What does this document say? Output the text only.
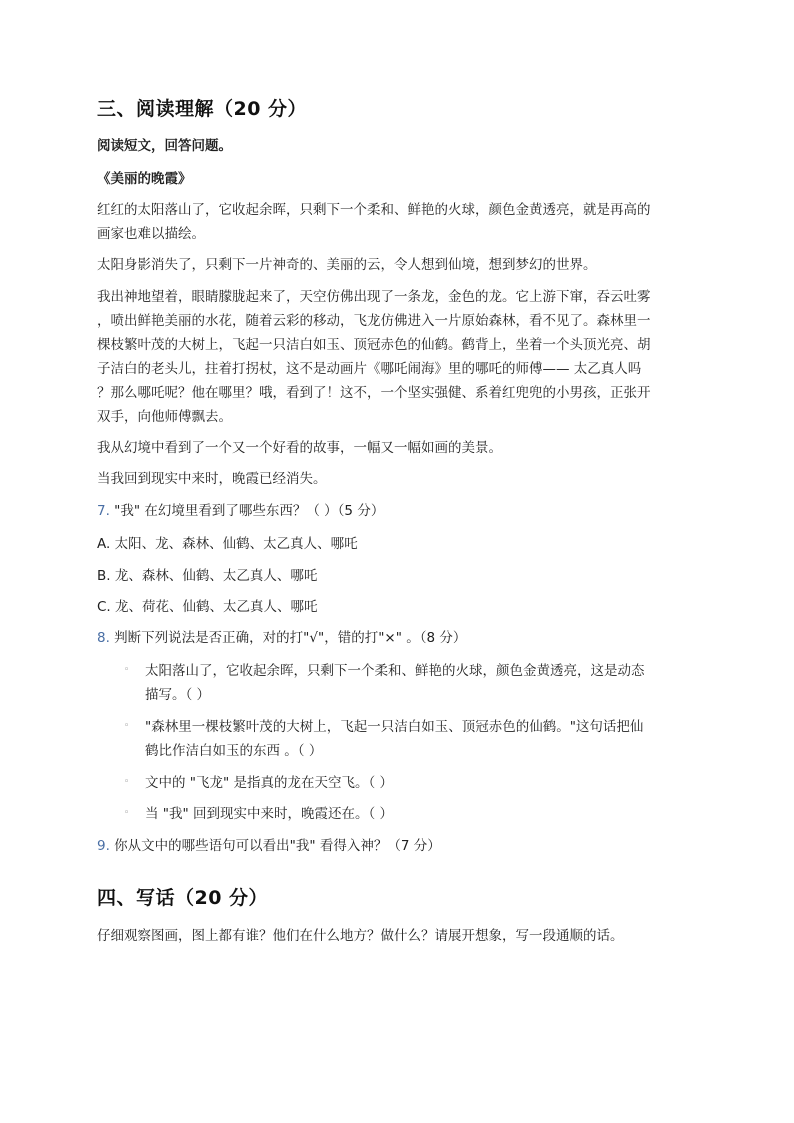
三、阅读理解（20 分）
阅读短文，回答问题。
《美丽的晚霞》
红红的太阳落山了，它收起余晖，只剩下一个柔和、鲜艳的火球，颜色金黄透亮，就是再高的
画家也难以描绘。
太阳身影消失了，只剩下一片神奇的、美丽的云，令人想到仙境，想到梦幻的世界。
我出神地望着，眼睛朦胧起来了，天空仿佛出现了一条龙，金色的龙。它上游下窜，吞云吐雾
，喷出鲜艳美丽的水花，随着云彩的移动，飞龙仿佛进入一片原始森林，看不见了。森林里一
棵枝繁叶茂的大树上，飞起一只洁白如玉、顶冠赤色的仙鹤。鹤背上，坐着一个头顶光亮、胡
子洁白的老头儿，拄着打拐杖，这不是动画片《哪吒闹海》里的哪吒的师傅—— 太乙真人吗
？那么哪吒呢？他在哪里？哦，看到了！这不，一个坚实强健、系着红兜兜的小男孩，正张开
双手，向他师傅飘去。
我从幻境中看到了一个又一个好看的故事，一幅又一幅如画的美景。
当我回到现实中来时，晚霞已经消失。
7. "我" 在幻境里看到了哪些东西？（ ）（5 分）
A. 太阳、龙、森林、仙鹤、太乙真人、哪吒
B. 龙、森林、仙鹤、太乙真人、哪吒
C. 龙、荷花、仙鹤、太乙真人、哪吒
8. 判断下列说法是否正确，对的打"√"，错的打"×" 。（8 分）
◦ 太阳落山了，它收起余晖，只剩下一个柔和、鲜艳的火球，颜色金黄透亮，这是动态
描写。（ ）
◦ "森林里一棵枝繁叶茂的大树上，飞起一只洁白如玉、顶冠赤色的仙鹤。"这句话把仙
鹤比作洁白如玉的东西 。（ ）
◦ 文中的 "飞龙" 是指真的龙在天空飞。（ ）
◦ 当 "我" 回到现实中来时，晚霞还在。（ ）
9. 你从文中的哪些语句可以看出"我" 看得入神？（7 分）
四、写话（20 分）
仔细观察图画，图上都有谁？他们在什么地方？做什么？请展开想象，写一段通顺的话。
